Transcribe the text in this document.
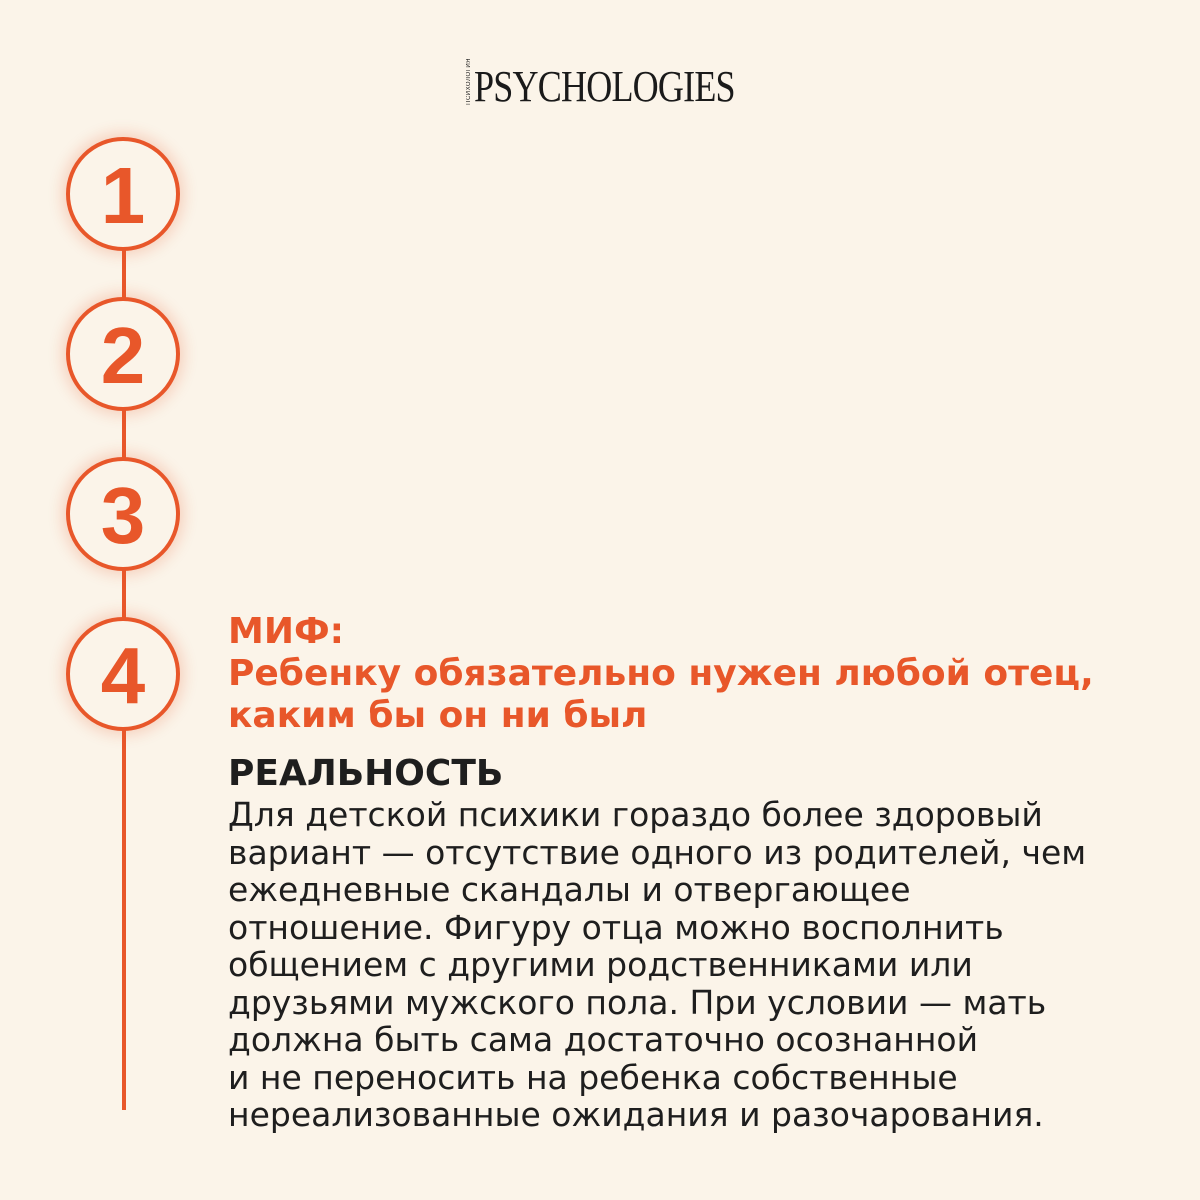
ПСИХОЛОГИЯ PSYCHOLOGIES
1
2
3
4 МИФ:
Ребенку обязательно нужен любой отец,
каким бы он ни был
РЕАЛЬНОСТЬ
Для детской психики гораздо более здоровый
вариант — отсутствие одного из родителей, чем
ежедневные скандалы и отвергающее
отношение. Фигуру отца можно восполнить
общением с другими родственниками или
друзьями мужского пола. При условии — мать
должна быть сама достаточно осознанной
и не переносить на ребенка собственные
нереализованные ожидания и разочарования.
